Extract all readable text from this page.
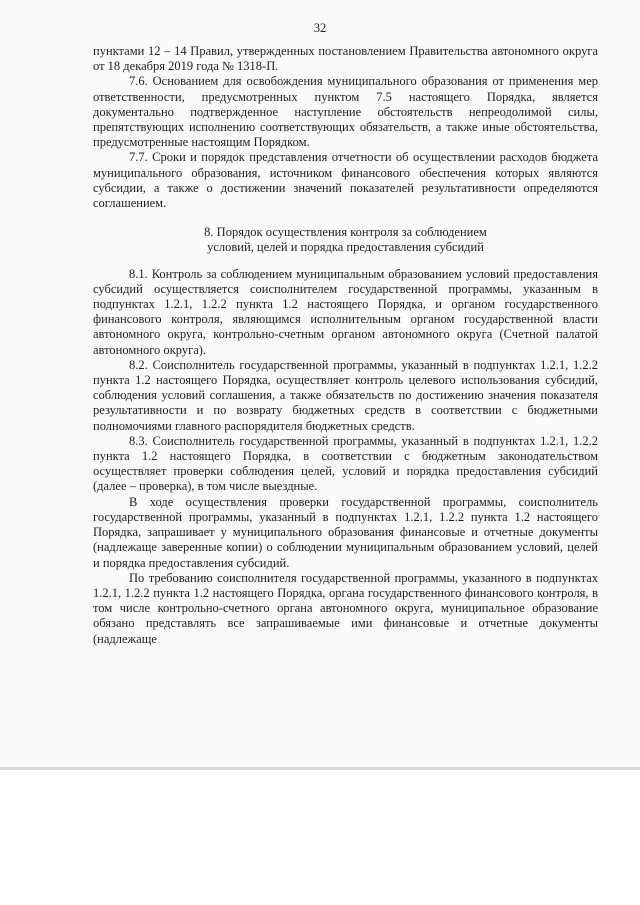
32

пунктами 12 – 14 Правил, утвержденных постановлением Правительства автономного округа от 18 декабря 2019 года № 1318-П.

7.6. Основанием для освобождения муниципального образования от применения мер ответственности, предусмотренных пунктом 7.5 настоящего Порядка, является документально подтвержденное наступление обстоятельств непреодолимой силы, препятствующих исполнению соответствующих обязательств, а также иные обстоятельства, предусмотренные настоящим Порядком.

7.7. Сроки и порядок представления отчетности об осуществлении расходов бюджета муниципального образования, источником финансового обеспечения которых являются субсидии, а также о достижении значений показателей результативности определяются соглашением.

8. Порядок осуществления контроля за соблюдением
условий, целей и порядка предоставления субсидий

8.1. Контроль за соблюдением муниципальным образованием условий предоставления субсидий осуществляется соисполнителем государственной программы, указанным в подпунктах 1.2.1, 1.2.2 пункта 1.2 настоящего Порядка, и органом государственного финансового контроля, являющимся исполнительным органом государственной власти автономного округа, контрольно-счетным органом автономного округа (Счетной палатой автономного округа).

8.2. Соисполнитель государственной программы, указанный в подпунктах 1.2.1, 1.2.2 пункта 1.2 настоящего Порядка, осуществляет контроль целевого использования субсидий, соблюдения условий соглашения, а также обязательств по достижению значения показателя результативности и по возврату бюджетных средств в соответствии с бюджетными полномочиями главного распорядителя бюджетных средств.

8.3. Соисполнитель государственной программы, указанный в подпунктах 1.2.1, 1.2.2 пункта 1.2 настоящего Порядка, в соответствии с бюджетным законодательством осуществляет проверки соблюдения целей, условий и порядка предоставления субсидий (далее – проверка), в том числе выездные.

В ходе осуществления проверки государственной программы, соисполнитель государственной программы, указанный в подпунктах 1.2.1, 1.2.2 пункта 1.2 настоящего Порядка, запрашивает у муниципального образования финансовые и отчетные документы (надлежаще заверенные копии) о соблюдении муниципальным образованием условий, целей и порядка предоставления субсидий.

По требованию соисполнителя государственной программы, указанного в подпунктах 1.2.1, 1.2.2 пункта 1.2 настоящего Порядка, органа государственного финансового контроля, в том числе контрольно-счетного органа автономного округа, муниципальное образование обязано представлять все запрашиваемые ими финансовые и отчетные документы (надлежаще
